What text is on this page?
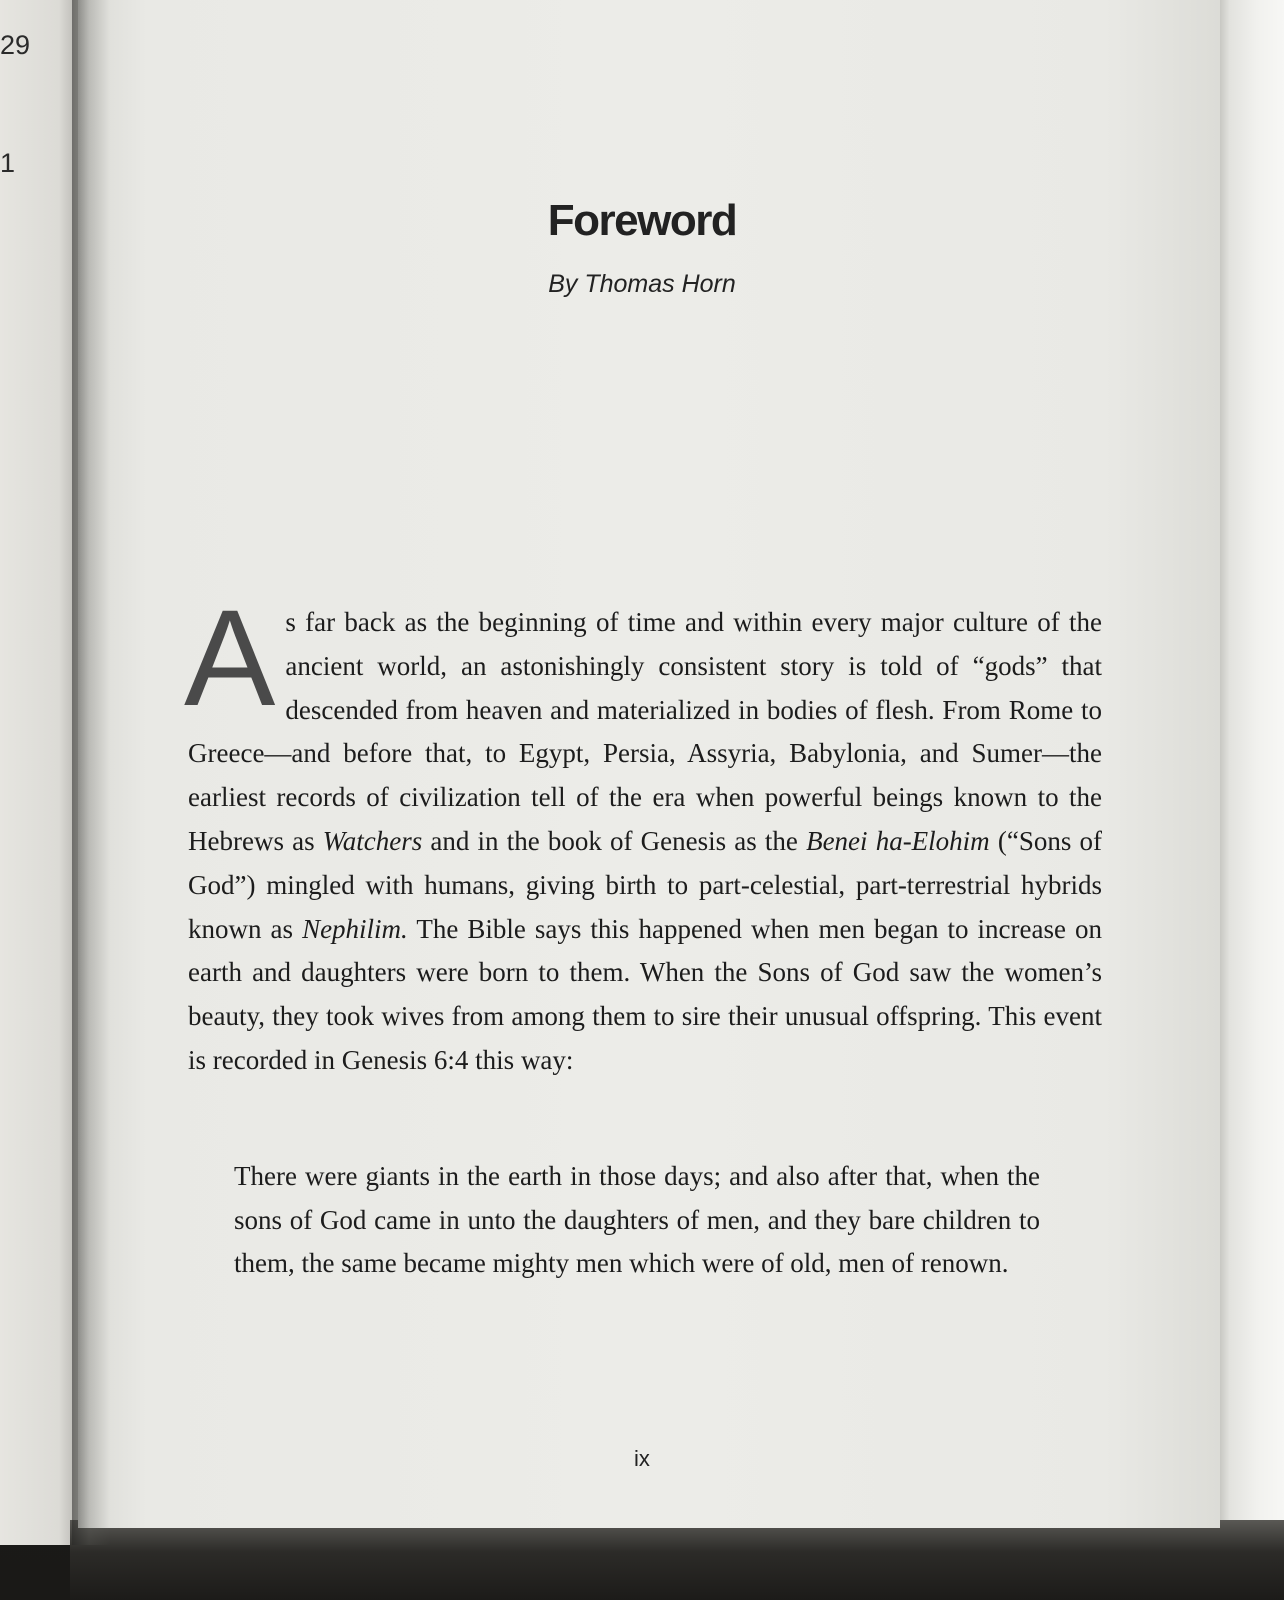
29
1
Foreword
By Thomas Horn

As far back as the beginning of time and within every major culture of the ancient world, an astonishingly consistent story is told of “gods” that descended from heaven and materialized in bodies of flesh. From Rome to Greece—and before that, to Egypt, Persia, Assyria, Babylonia, and Sumer—the earliest records of civilization tell of the era when powerful beings known to the Hebrews as Watchers and in the book of Genesis as the Benei ha-Elohim (“Sons of God”) mingled with humans, giving birth to part-celestial, part-terrestrial hybrids known as Nephilim. The Bible says this happened when men began to increase on earth and daughters were born to them. When the Sons of God saw the women’s beauty, they took wives from among them to sire their unusual offspring. This event is recorded in Genesis 6:4 this way:

There were giants in the earth in those days; and also after that, when the sons of God came in unto the daughters of men, and they bare children to them, the same became mighty men which were of old, men of renown.

ix
